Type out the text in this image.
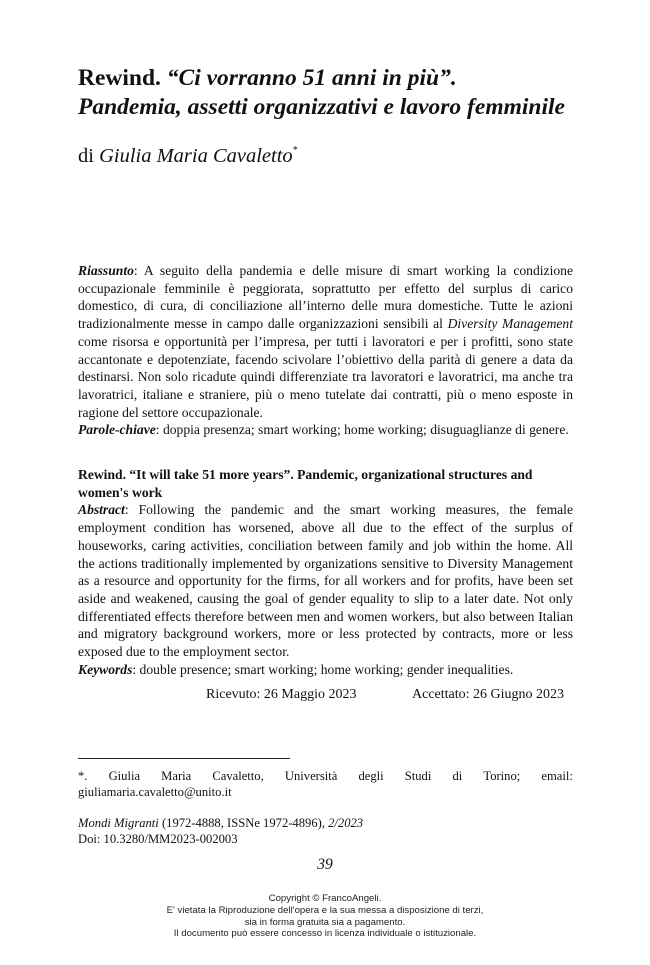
Rewind. “Ci vorranno 51 anni in più”.
Pandemia, assetti organizzativi e lavoro femminile
di Giulia Maria Cavaletto*

Riassunto: A seguito della pandemia e delle misure di smart working la condizione occupazionale femminile è peggiorata, soprattutto per effetto del surplus di carico domestico, di cura, di conciliazione all’interno delle mura domestiche. Tutte le azioni tradizionalmente messe in campo dalle organizzazioni sensibili al Diversity Management come risorsa e opportunità per l’impresa, per tutti i lavoratori e per i profitti, sono state accantonate e depotenziate, facendo scivolare l’obiettivo della parità di genere a data da destinarsi. Non solo ricadute quindi differenziate tra lavoratori e lavoratrici, ma anche tra lavoratrici, italiane e straniere, più o meno tutelate dai contratti, più o meno esposte in ragione del settore occupazionale.

Parole-chiave: doppia presenza; smart working; home working; disuguaglianze di genere.

Rewind. “It will take 51 more years”. Pandemic, organizational structures and women's work

Abstract: Following the pandemic and the smart working measures, the female employment condition has worsened, above all due to the effect of the surplus of houseworks, caring activities, conciliation between family and job within the home. All the actions traditionally implemented by organizations sensitive to Diversity Management as a resource and opportunity for the firms, for all workers and for profits, have been set aside and weakened, causing the goal of gender equality to slip to a later date. Not only differentiated effects therefore between men and women workers, but also between Italian and migratory background workers, more or less protected by contracts, more or less exposed due to the employment sector.

Keywords: double presence; smart working; home working; gender inequalities.

Ricevuto: 26 Maggio 2023	Accettato: 26 Giugno 2023
*. Giulia Maria Cavaletto, Università degli Studi di Torino; email:
giuliamaria.cavaletto@unito.it
Mondi Migranti (1972-4888, ISSNe 1972-4896), 2/2023
Doi: 10.3280/MM2023-002003
39
Copyright © FrancoAngeli.
E' vietata la Riproduzione dell'opera e la sua messa a disposizione di terzi,
sia in forma gratuita sia a pagamento.
Il documento può essere concesso in licenza individuale o istituzionale.
